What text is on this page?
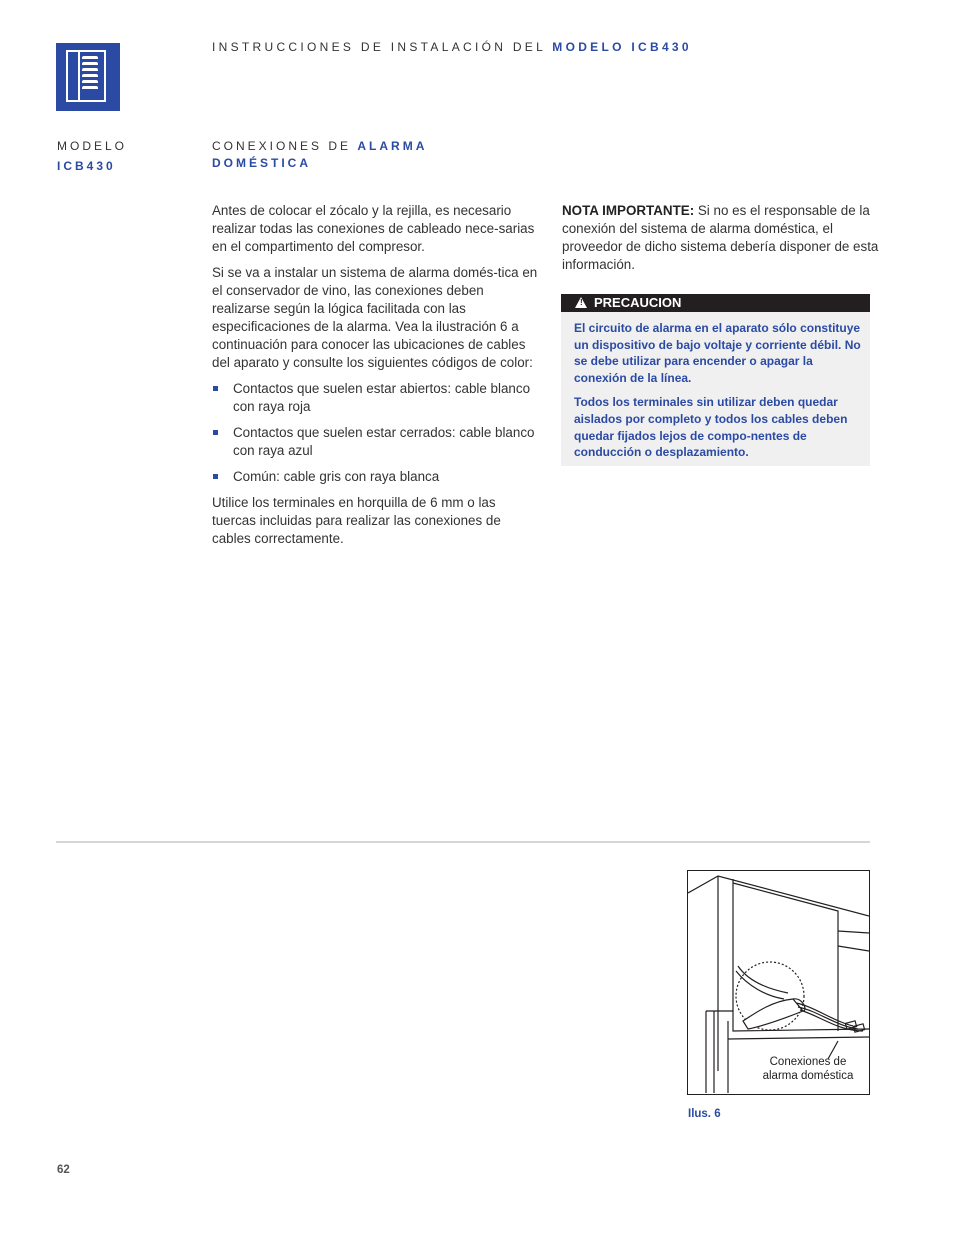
INSTRUCCIONES DE INSTALACIÓN DEL MODELO ICB430
MODELO
ICB430
CONEXIONES DE ALARMA
DOMÉSTICA

Antes de colocar el zócalo y la rejilla, es necesario realizar todas las conexiones de cableado nece-sarias en el compartimento del compresor.

Si se va a instalar un sistema de alarma domés-tica en el conservador de vino, las conexiones deben realizarse según la lógica facilitada con las especificaciones de la alarma. Vea la ilustración 6 a continuación para conocer las ubicaciones de cables del aparato y consulte los siguientes códigos de color:

Contactos que suelen estar abiertos: cable blanco con raya roja
Contactos que suelen estar cerrados: cable blanco con raya azul
Común: cable gris con raya blanca

Utilice los terminales en horquilla de 6 mm o las tuercas incluidas para realizar las conexiones de cables correctamente.

NOTA IMPORTANTE: Si no es el responsable de la conexión del sistema de alarma doméstica, el proveedor de dicho sistema debería disponer de esta información.
! PRECAUCION

El circuito de alarma en el aparato sólo constituye un dispositivo de bajo voltaje y corriente débil. No se debe utilizar para encender o apagar la conexión de la línea.

Todos los terminales sin utilizar deben quedar aislados por completo y todos los cables deben quedar fijados lejos de compo-nentes de conducción o desplazamiento.

Conexiones de
alarma doméstica
Ilus. 6
62
